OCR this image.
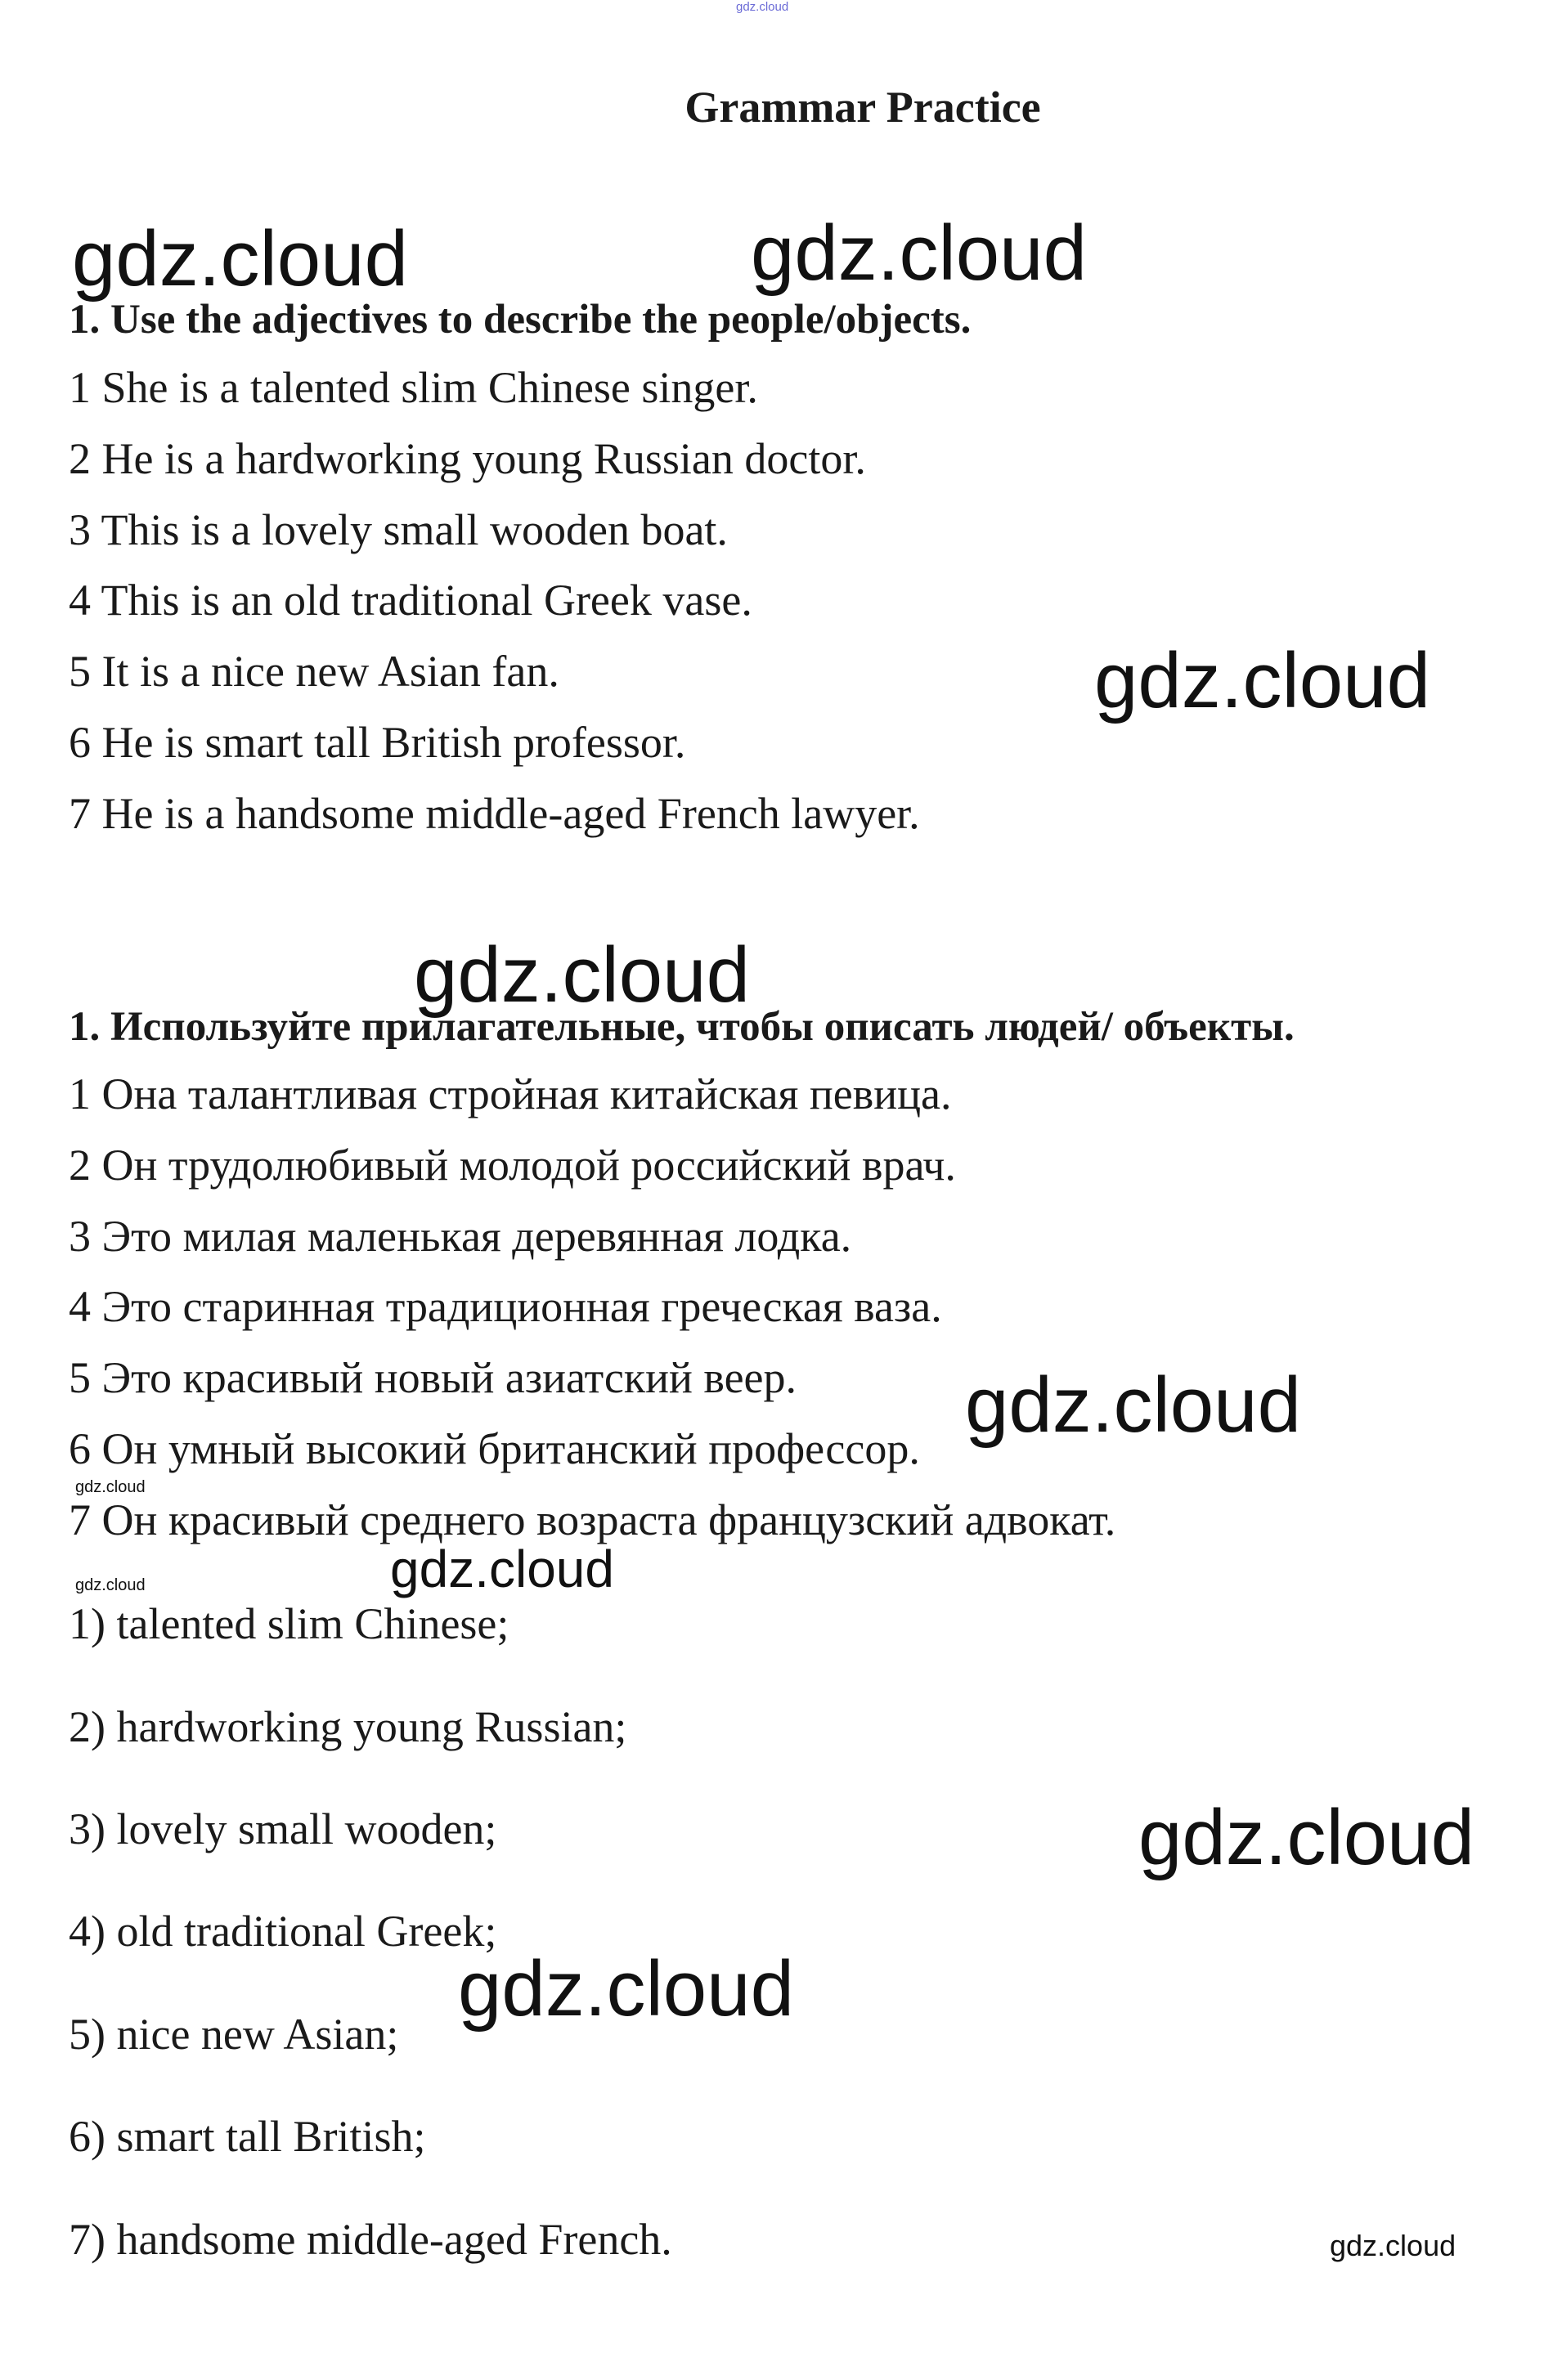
gdz.cloud
Grammar Practice
gdz.cloud	gdz.cloud
1. Use the adjectives to describe the people/objects.
1 She is a talented slim Chinese singer.
2 He is a hardworking young Russian doctor.
3 This is a lovely small wooden boat.
4 This is an old traditional Greek vase.
5 It is a nice new Asian fan.
6 He is smart tall British professor.
7 He is a handsome middle-aged French lawyer.
gdz.cloud
gdz.cloud
1. Используйте прилагательные, чтобы описать людей/ объекты.
1 Она талантливая стройная китайская певица.
2 Он трудолюбивый молодой российский врач.
3 Это милая маленькая деревянная лодка.
4 Это старинная традиционная греческая ваза.
5 Это красивый новый азиатский веер.
6 Он умный высокий британский профессор.
7 Он красивый среднего возраста французский адвокат.
gdz.cloud
gdz.cloud
gdz.cloud	gdz.cloud
1) talented slim Chinese;
2) hardworking young Russian;
3) lovely small wooden;
4) old traditional Greek;
5) nice new Asian;
6) smart tall British;
7) handsome middle-aged French.
gdz.cloud
gdz.cloud
gdz.cloud
